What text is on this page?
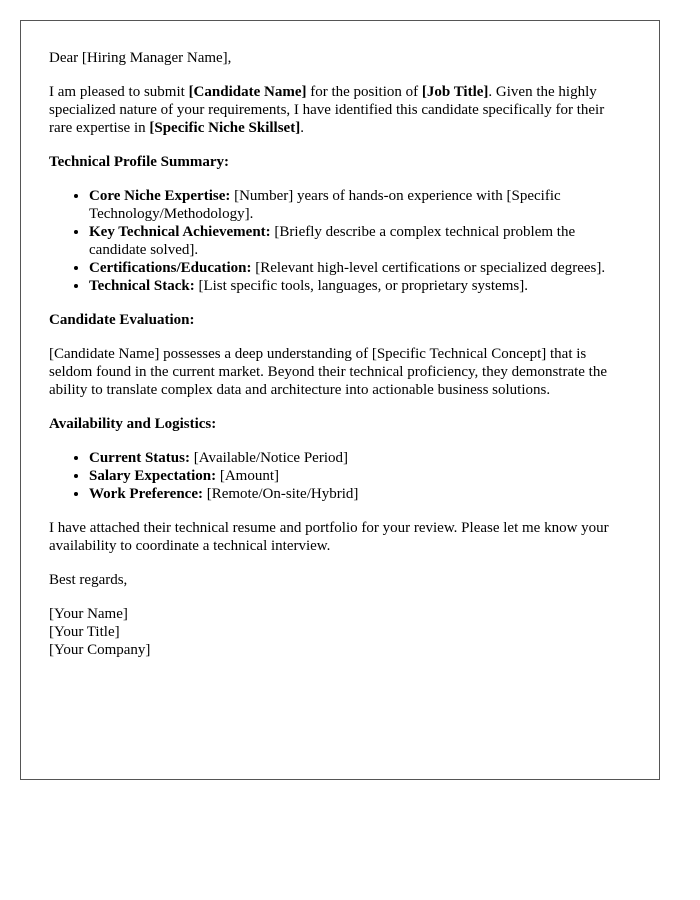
Dear [Hiring Manager Name],

I am pleased to submit [Candidate Name] for the position of [Job Title]. Given the highly specialized nature of your requirements, I have identified this candidate specifically for their rare expertise in [Specific Niche Skillset].

Technical Profile Summary:

• Core Niche Expertise: [Number] years of hands-on experience with [Specific Technology/Methodology].
• Key Technical Achievement: [Briefly describe a complex technical problem the candidate solved].
• Certifications/Education: [Relevant high-level certifications or specialized degrees].
• Technical Stack: [List specific tools, languages, or proprietary systems].

Candidate Evaluation:

[Candidate Name] possesses a deep understanding of [Specific Technical Concept] that is seldom found in the current market. Beyond their technical proficiency, they demonstrate the ability to translate complex data and architecture into actionable business solutions.

Availability and Logistics:

• Current Status: [Available/Notice Period]
• Salary Expectation: [Amount]
• Work Preference: [Remote/On-site/Hybrid]

I have attached their technical resume and portfolio for your review. Please let me know your availability to coordinate a technical interview.

Best regards,

[Your Name]
[Your Title]
[Your Company]
